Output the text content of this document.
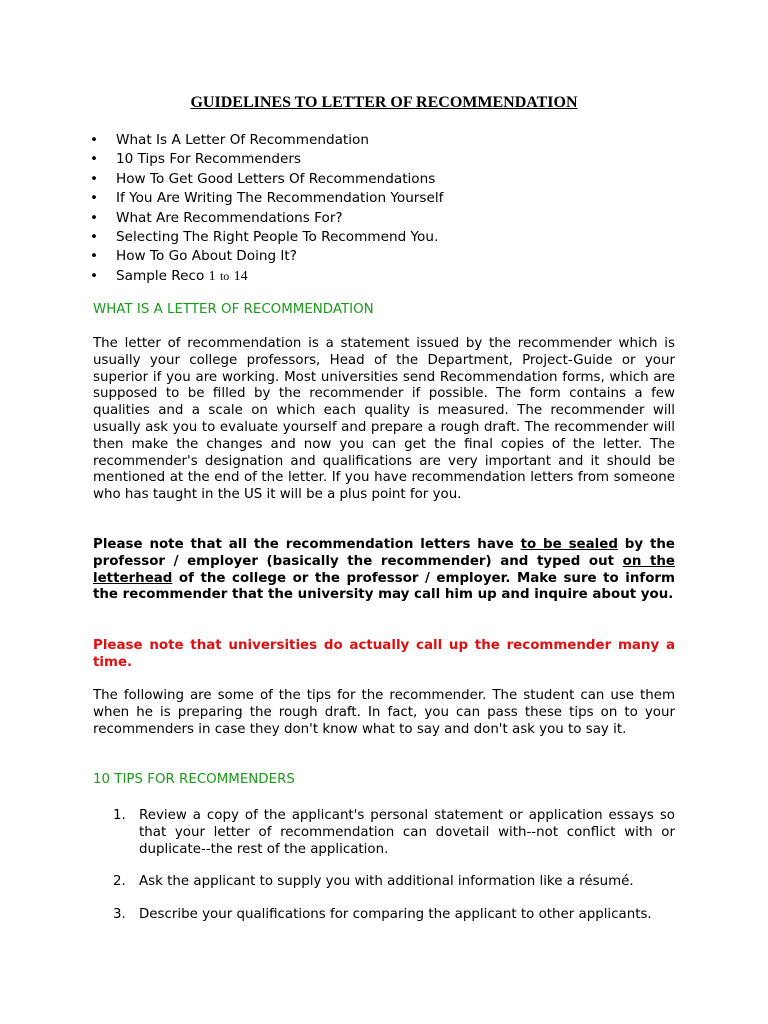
GUIDELINES TO LETTER OF RECOMMENDATION
• What Is A Letter Of Recommendation
• 10 Tips For Recommenders
• How To Get Good Letters Of Recommendations
• If You Are Writing The Recommendation Yourself
• What Are Recommendations For?
• Selecting The Right People To Recommend You.
• How To Go About Doing It?
• Sample Reco 1 to 14
WHAT IS A LETTER OF RECOMMENDATION

The letter of recommendation is a statement issued by the recommender which is usually your college professors, Head of the Department, Project-Guide or your superior if you are working. Most universities send Recommendation forms, which are supposed to be filled by the recommender if possible. The form contains a few qualities and a scale on which each quality is measured. The recommender will usually ask you to evaluate yourself and prepare a rough draft. The recommender will then make the changes and now you can get the final copies of the letter. The recommender's designation and qualifications are very important and it should be mentioned at the end of the letter. If you have recommendation letters from someone who has taught in the US it will be a plus point for you.

Please note that all the recommendation letters have to be sealed by the professor / employer (basically the recommender) and typed out on the letterhead of the college or the professor / employer. Make sure to inform the recommender that the university may call him up and inquire about you.

Please note that universities do actually call up the recommender many a time.

The following are some of the tips for the recommender. The student can use them when he is preparing the rough draft. In fact, you can pass these tips on to your recommenders in case they don't know what to say and don't ask you to say it.

10 TIPS FOR RECOMMENDERS
1. Review a copy of the applicant's personal statement or application essays so that your letter of recommendation can dovetail with--not conflict with or duplicate--the rest of the application.
2. Ask the applicant to supply you with additional information like a résumé.
3. Describe your qualifications for comparing the applicant to other applicants.
